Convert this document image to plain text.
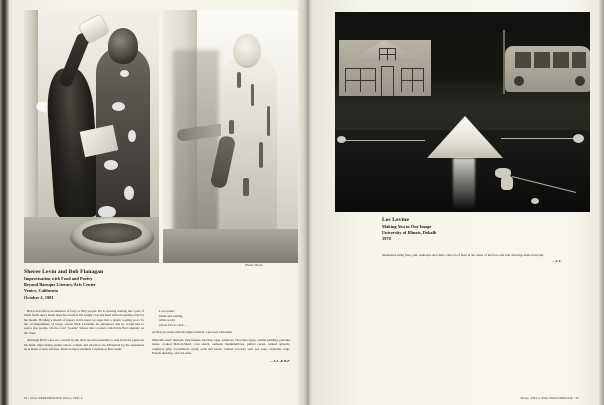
Photos: Bruce
Sheree Levin and Bob Flanagan
Improvisation with Food and Poetry
Beyond Baroque Literary/Arts Center
Venice, California
October 2, 1981

Bob is led before an audience of forty or fifty people. He is wearing nothing but a pair of black briefs and a black latex hood which fits snugly over his head with an opening only for his mouth. Holding a sheath of papers in his hand, he steps into a plastic wading pool. To the accompaniment of bongo soloist Rick Lawndale he announces that he would like to read a few poems. On the word "poems" Sheree hits a tomato which hits Bob squarely on the chest.

Although Bob's eyes are covered by the latex hood he pretends to read from the papers in his hand, improvising poems whose content and direction are influenced by the sensations he is about to hear and feel. Rick's bongos establish a rhythm as Bob reads:

Love poem:
blank and waiting,
white world
whose face is clear . . .

As Bob proceeds with his improvisation, I proceed with mine.

Materials used: mustard, mayonnaise, ketchup, eggs, tomatoes, chocolate syrup, vanilla pudding, pancake batter, cooked Malt-O-Meal, corn starch, oatmeal, marshmallows, puffed cereal, canned spinach, raspberry jelly, boysenberry syrup, pork and beans, canned avocado, split pea soup, vegetable soup, French dressing, and red wine.

—S.L. & B.F.
62 / HIGH PERFORMANCE Winter 1981-2
Les Levine
Making You in Our Image
University of Illinois, Dekalb
1978
Installation using flour, jam, audiotape and slides. One ton of flour in the center of the floor and wall drawings made from jam.
—L.L.
Winter 1981-2 HIGH PERFORMANCE / 63
